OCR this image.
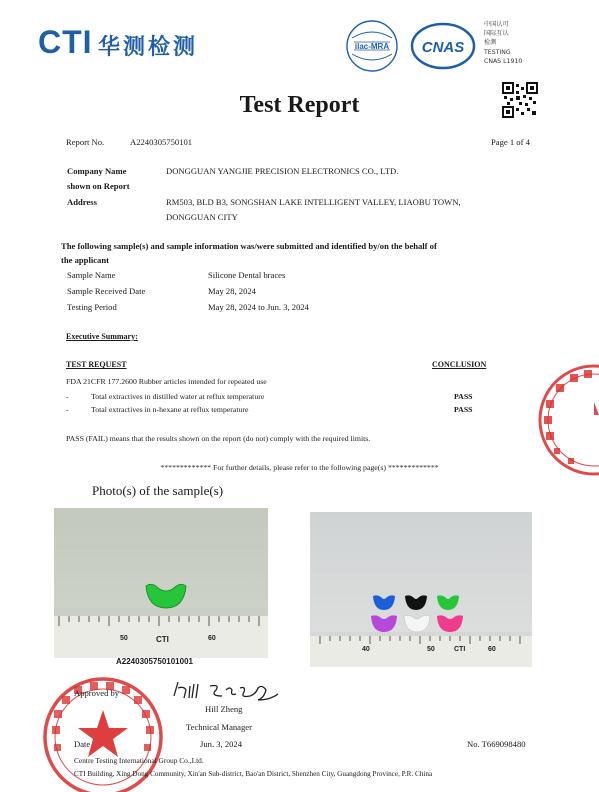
CTI 华测检测	ilac-MRA CNAS
中国认可
国际互认
检测
TESTING
CNAS L1910
Test Report
Report No.	A2240305750101	Page 1 of 4
Company Name
shown on Report
DONGGUAN YANGJIE PRECISION ELECTRONICS CO., LTD.
Address	RM503, BLD B3, SONGSHAN LAKE INTELLIGENT VALLEY, LIAOBU TOWN,
DONGGUAN CITY
The following sample(s) and sample information was/were submitted and identified by/on the behalf of
the applicant
Sample Name	Silicone Dental braces
Sample Received Date	May 28, 2024
Testing Period	May 28, 2024 to Jun. 3, 2024
Executive Summary:
TEST REQUEST	CONCLUSION
FDA 21CFR 177.2600 Rubber articles intended for repeated use
-	Total extractives in distilled water at reflux temperature	PASS
-	Total extractives in n-hexane at reflux temperature	PASS
PASS (FAIL) means that the results shown on the report (do not) comply with the required limits.
************* For further details, please refer to the following page(s) *************
Photo(s) of the sample(s)
50	CTI	60
A2240305750101001
40	50	CTI	60
Approved by
Hill Zheng
Technical Manager
Date	Jun. 3, 2024	No. T669098480
Centre Testing International Group Co.,Ltd.
CTI Building, Xing Dong Community, Xin'an Sub-district, Bao'an District, Shenzhen City, Guangdong Province, P.R. China
